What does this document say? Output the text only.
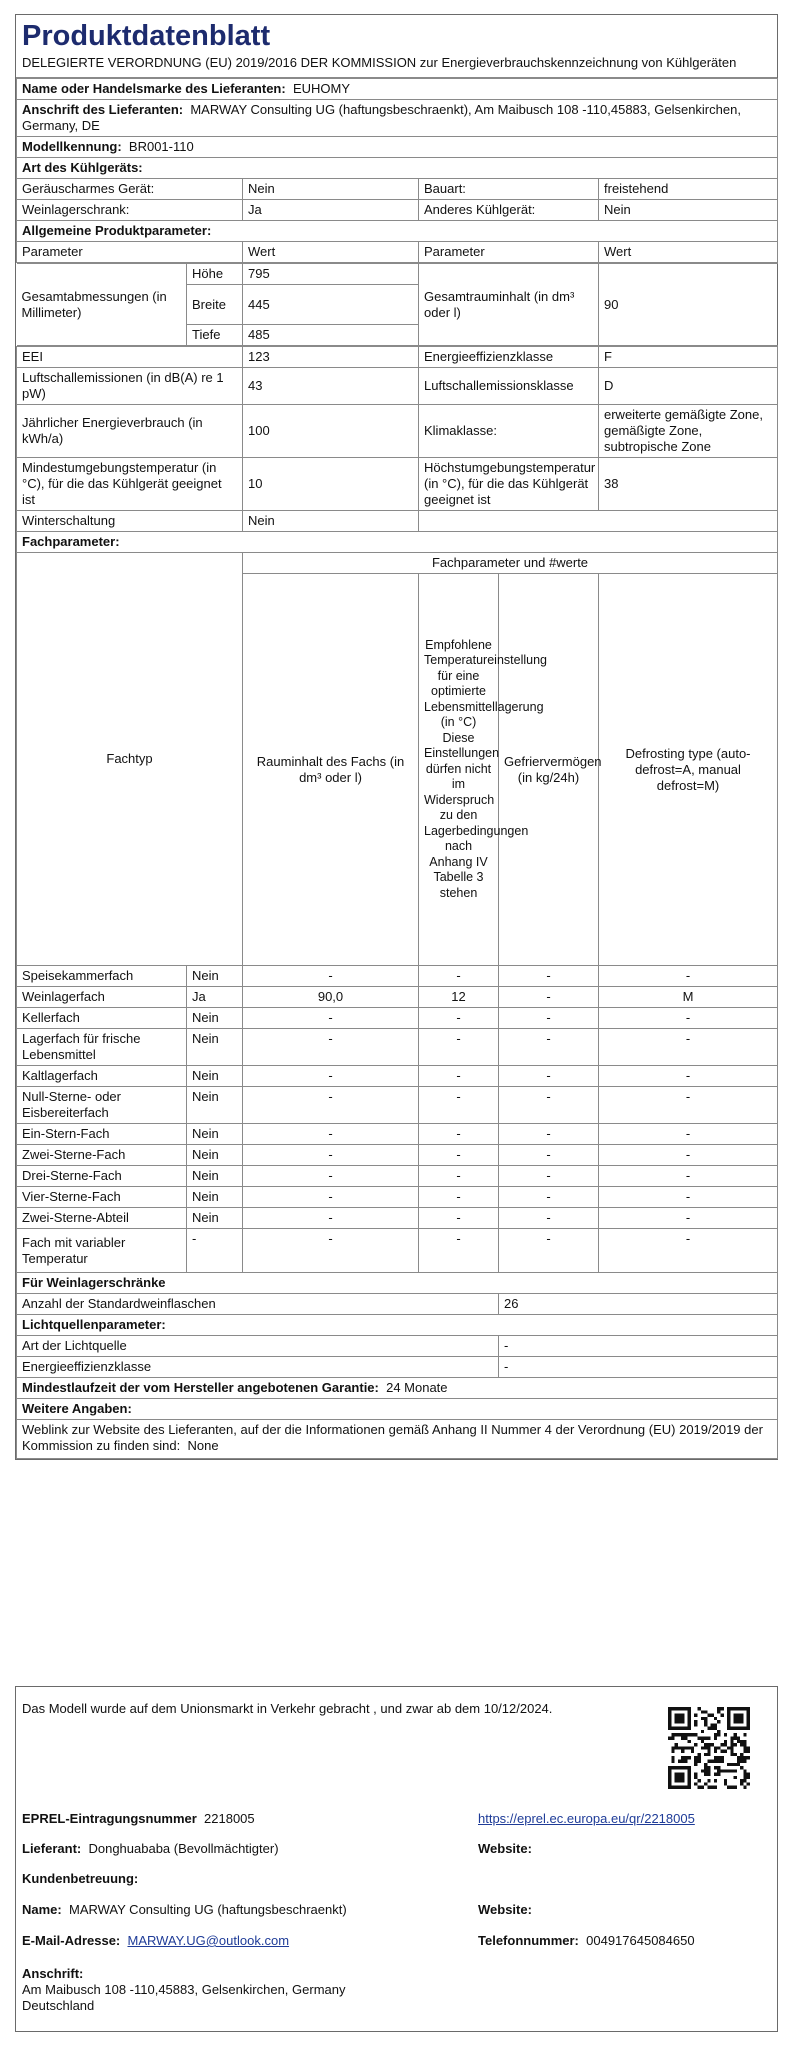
Produktdatenblatt
DELEGIERTE VERORDNUNG (EU) 2019/2016 DER KOMMISSION zur Energieverbrauchskennzeichnung von Kühlgeräten
Name oder Handelsmarke des Lieferanten: EUHOMY
Anschrift des Lieferanten: MARWAY Consulting UG (haftungsbeschraenkt), Am Maibusch 108 -110,45883, Gelsenkirchen, Germany, DE
Modellkennung: BR001-110
Art des Kühlgeräts:
Geräuscharmes Gerät:	Nein	Bauart:	freistehend
Weinlagerschrank:	Ja	Anderes Kühlgerät:	Nein
Allgemeine Produktparameter:
Parameter	Wert	Parameter	Wert

Gesamtabmessungen (in Millimeter)	Höhe	795	Gesamtrauminhalt (in dm³ oder l)	90
Breite	445
Tiefe	485

EEI	123	Energieeffizienzklasse	F
Luftschallemissionen (in dB(A) re 1 pW)	43	Luftschallemissionsklasse	D
Jährlicher Energieverbrauch (in kWh/a)	100	Klimaklasse:	erweiterte gemäßigte Zone, gemäßigte Zone, subtropische Zone
Mindestumgebungstemperatur (in °C), für die das Kühlgerät geeignet ist	10	Höchstumgebungstemperatur (in °C), für die das Kühlgerät geeignet ist	38
Winterschaltung	Nein	
Fachparameter:
Fachtyp	Fachparameter und #werte
Rauminhalt des Fachs (in dm³ oder l)	Empfohlene Temperatureinstellung für eine optimierte Lebensmittellagerung (in °C) Diese Einstellungen dürfen nicht im Widerspruch zu den Lagerbedingungen nach Anhang IV Tabelle 3 stehen	Gefriervermögen (in kg/24h)	Defrosting type (auto-defrost=A, manual defrost=M)
Speisekammerfach	Nein	-	-	-	-
Weinlagerfach	Ja	90,0	12	-	M
Kellerfach	Nein	-	-	-	-
Lagerfach für frische Lebensmittel	Nein	-	-	-	-
Kaltlagerfach	Nein	-	-	-	-
Null-Sterne- oder Eisbereiterfach	Nein	-	-	-	-
Ein-Stern-Fach	Nein	-	-	-	-
Zwei-Sterne-Fach	Nein	-	-	-	-
Drei-Sterne-Fach	Nein	-	-	-	-
Vier-Sterne-Fach	Nein	-	-	-	-
Zwei-Sterne-Abteil	Nein	-	-	-	-
Fach mit variabler Temperatur	-	-	-	-	-
Für Weinlagerschränke
Anzahl der Standardweinflaschen	26
Lichtquellenparameter:
Art der Lichtquelle	-
Energieeffizienzklasse	-
Mindestlaufzeit der vom Hersteller angebotenen Garantie: 24 Monate
Weitere Angaben:
Weblink zur Website des Lieferanten, auf der die Informationen gemäß Anhang II Nummer 4 der Verordnung (EU) 2019/2019 der Kommission zu finden sind: None
Das Modell wurde auf dem Unionsmarkt in Verkehr gebracht , und zwar ab dem 10/12/2024.
EPREL-Eintragungsnummer 2218005	https://eprel.ec.europa.eu/qr/2218005
Lieferant: Donghuababa (Bevollmächtigter)	Website:
Kundenbetreuung:
Name: MARWAY Consulting UG (haftungsbeschraenkt)	Website:
E-Mail-Adresse: MARWAY.UG@outlook.com	Telefonnummer: 004917645084650
Anschrift:
Am Maibusch 108 -110,45883, Gelsenkirchen, Germany
Deutschland
